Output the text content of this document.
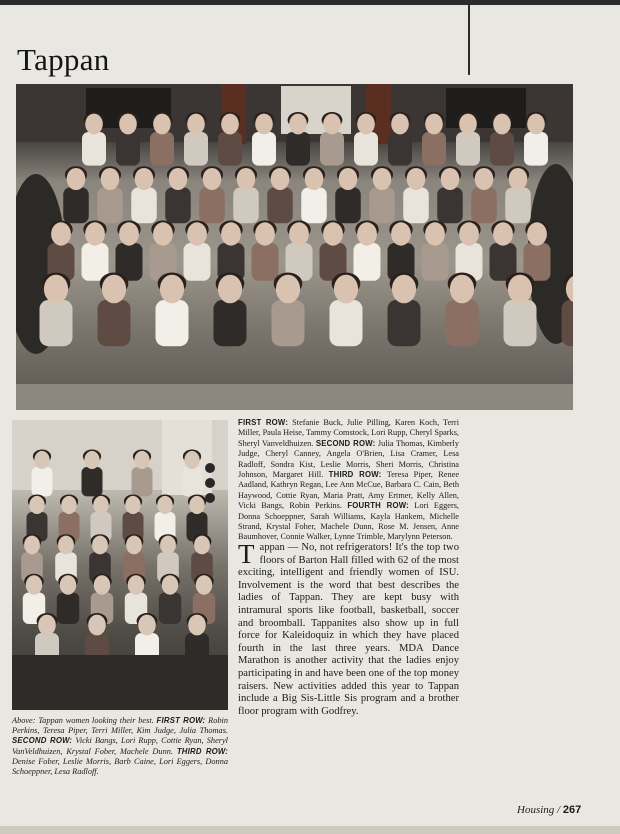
Tappan
FIRST ROW: Stefanie Buck, Julie Pilling, Karen Koch, Terri Miller, Paula Heise, Tammy Comstock, Lori Rupp, Cheryl Sparks, Sheryl Vanveldhuizen. SECOND ROW: Julia Thomas, Kimberly Judge, Cheryl Canney, Angela O'Brien, Lisa Cramer, Lesa Radloff, Sondra Kist, Leslie Morris, Sheri Morris, Christina Johnson, Margaret Hill. THIRD ROW: Teresa Piper, Renee Aadland, Kathryn Regan, Lee Ann McCue, Barbara C. Cain, Beth Haywood, Cottie Ryan, Maria Pratt, Amy Ertmer, Kelly Allen, Vicki Bangs, Robin Perkins. FOURTH ROW: Lori Eggers, Donna Schoeppner, Sarah Williams, Kayla Hankem, Michelle Strand, Krystal Foher, Machele Dunn, Rose M. Jensen, Anne Baumhover, Connie Walker, Lynne Trimble, Marylynn Peterson.
Tappan — No, not refrigerators! It's the top two floors of Barton Hall filled with 62 of the most exciting, intelligent and friendly women of ISU. Involvement is the word that best describes the ladies of Tappan. They are kept busy with intramural sports like football, basketball, soccer and broomball. Tappanites also show up in full force for Kaleidoquiz in which they have placed fourth in the last three years. MDA Dance Marathon is another activity that the ladies enjoy participating in and have been one of the top money raisers. New activities added this year to Tappan include a Big Sis-Little Sis program and a brother floor program with Godfrey.
Above: Tappan women looking their best. FIRST ROW: Robin Perkins, Teresa Piper, Terri Miller, Kim Judge, Julia Thomas. SECOND ROW: Vicki Bangs, Lori Rupp, Cottie Ryan, Sheryl VanVeldhuizen, Krystal Fober, Machele Dunn. THIRD ROW: Denise Fober, Leslie Morris, Barb Caine, Lori Eggers, Donna Schoeppner, Lesa Radloff.
Housing / 267
